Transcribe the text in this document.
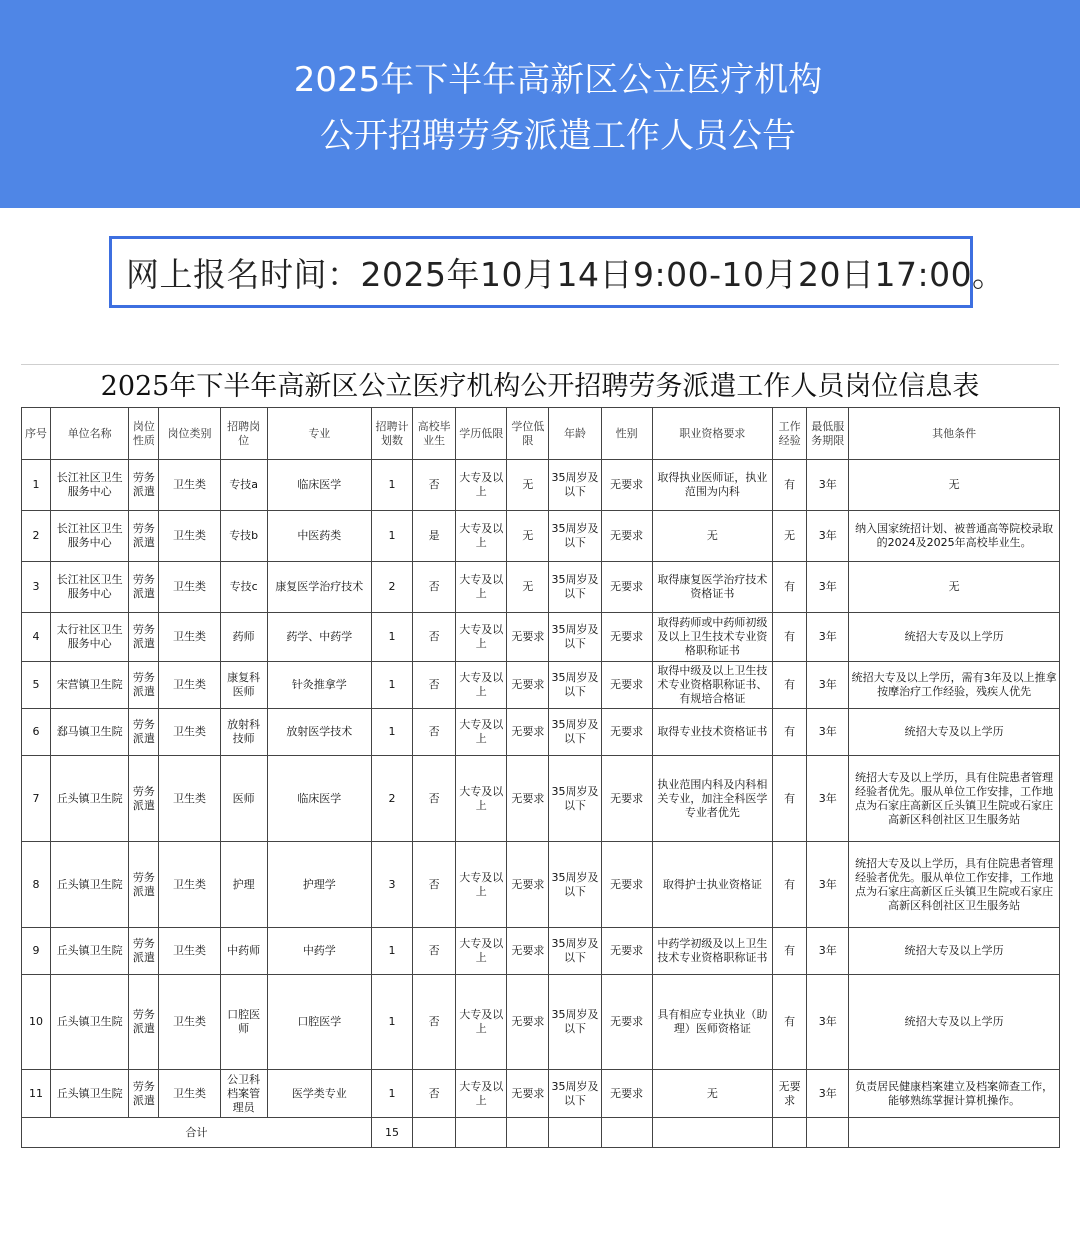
2025年下半年高新区公立医疗机构
公开招聘劳务派遣工作人员公告
网上报名时间：2025年10月14日9:00-10月20日17:00。
2025年下半年高新区公立医疗机构公开招聘劳务派遣工作人员岗位信息表
序号	单位名称	岗位性质	岗位类别	招聘岗位	专业	招聘计划数	高校毕业生	学历低限	学位低限	年龄	性别	职业资格要求	工作经验	最低服务期限	其他条件
1	长江社区卫生服务中心	劳务派遣	卫生类	专技a	临床医学	1	否	大专及以上	无	35周岁及以下	无要求	取得执业医师证，执业范围为内科	有	3年	无
2	长江社区卫生服务中心	劳务派遣	卫生类	专技b	中医药类	1	是	大专及以上	无	35周岁及以下	无要求	无	无	3年	纳入国家统招计划、被普通高等院校录取的2024及2025年高校毕业生。
3	长江社区卫生服务中心	劳务派遣	卫生类	专技c	康复医学治疗技术	2	否	大专及以上	无	35周岁及以下	无要求	取得康复医学治疗技术资格证书	有	3年	无
4	太行社区卫生服务中心	劳务派遣	卫生类	药师	药学、中药学	1	否	大专及以上	无要求	35周岁及以下	无要求	取得药师或中药师初级及以上卫生技术专业资格职称证书	有	3年	统招大专及以上学历
5	宋营镇卫生院	劳务派遣	卫生类	康复科医师	针灸推拿学	1	否	大专及以上	无要求	35周岁及以下	无要求	取得中级及以上卫生技术专业资格职称证书、有规培合格证	有	3年	统招大专及以上学历，需有3年及以上推拿按摩治疗工作经验，残疾人优先
6	郄马镇卫生院	劳务派遣	卫生类	放射科技师	放射医学技术	1	否	大专及以上	无要求	35周岁及以下	无要求	取得专业技术资格证书	有	3年	统招大专及以上学历
7	丘头镇卫生院	劳务派遣	卫生类	医师	临床医学	2	否	大专及以上	无要求	35周岁及以下	无要求	执业范围内科及内科相关专业，加注全科医学专业者优先	有	3年	统招大专及以上学历，具有住院患者管理经验者优先。服从单位工作安排，工作地点为石家庄高新区丘头镇卫生院或石家庄高新区科创社区卫生服务站
8	丘头镇卫生院	劳务派遣	卫生类	护理	护理学	3	否	大专及以上	无要求	35周岁及以下	无要求	取得护士执业资格证	有	3年	统招大专及以上学历，具有住院患者管理经验者优先。服从单位工作安排，工作地点为石家庄高新区丘头镇卫生院或石家庄高新区科创社区卫生服务站
9	丘头镇卫生院	劳务派遣	卫生类	中药师	中药学	1	否	大专及以上	无要求	35周岁及以下	无要求	中药学初级及以上卫生技术专业资格职称证书	有	3年	统招大专及以上学历
10	丘头镇卫生院	劳务派遣	卫生类	口腔医师	口腔医学	1	否	大专及以上	无要求	35周岁及以下	无要求	具有相应专业执业（助理）医师资格证	有	3年	统招大专及以上学历
11	丘头镇卫生院	劳务派遣	卫生类	公卫科档案管理员	医学类专业	1	否	大专及以上	无要求	35周岁及以下	无要求	无	无要求	3年	负责居民健康档案建立及档案筛查工作，能够熟练掌握计算机操作。
合计						15									
